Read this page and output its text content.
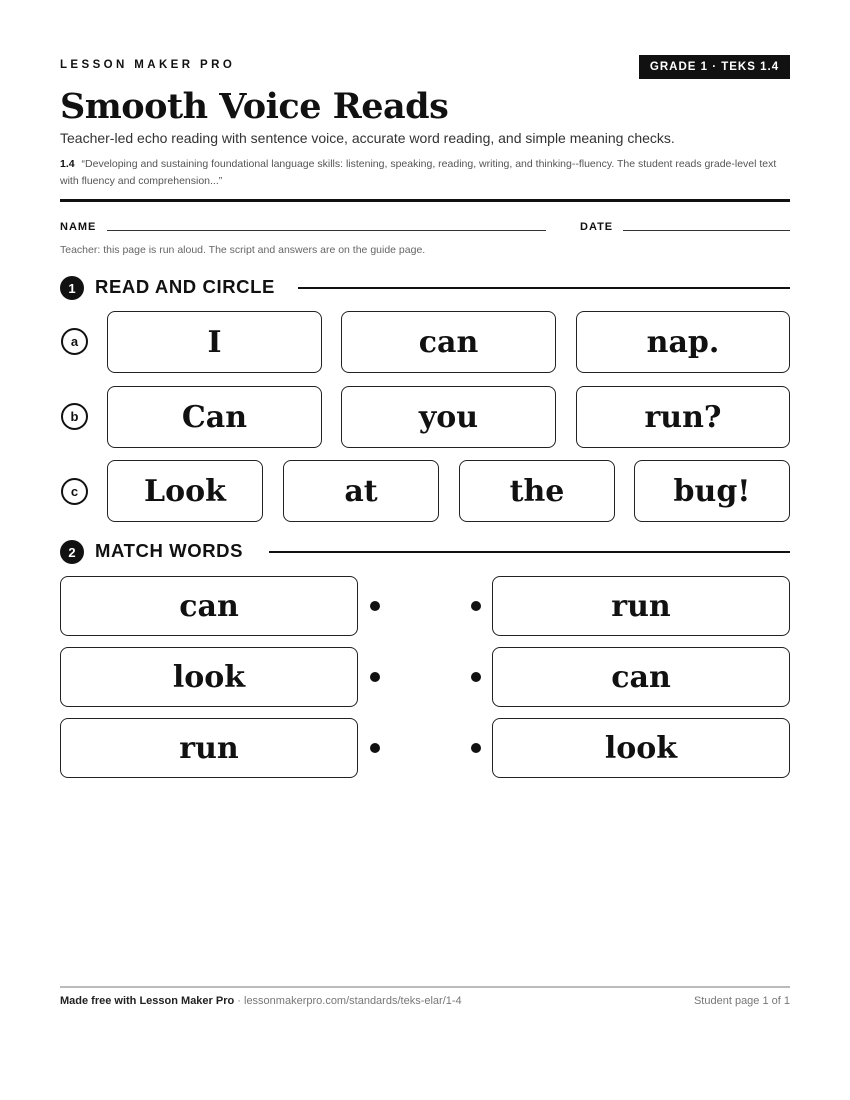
LESSON MAKER PRO	GRADE 1 · TEKS 1.4
Smooth Voice Reads
Teacher-led echo reading with sentence voice, accurate word reading, and simple meaning checks.
1.4 “Developing and sustaining foundational language skills: listening, speaking, reading, writing, and thinking--fluency. The student reads grade-level text with fluency and comprehension...”
NAME	DATE
Teacher: this page is run aloud. The script and answers are on the guide page.
1	READ AND CIRCLE
a	I	can	nap.
b	Can	you	run?
c	Look	at	the	bug!
2	MATCH WORDS
can	run
look	can
run	look
Made free with Lesson Maker Pro · lessonmakerpro.com/standards/teks-elar/1-4	Student page 1 of 1
